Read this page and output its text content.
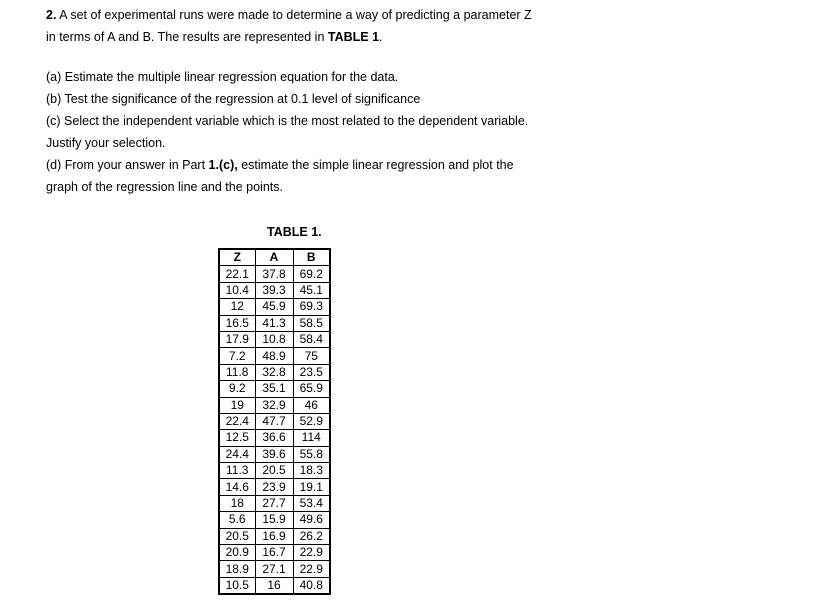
2. A set of experimental runs were made to determine a way of predicting a parameter Z
in terms of A and B. The results are represented in TABLE 1.
(a) Estimate the multiple linear regression equation for the data.
(b) Test the significance of the regression at 0.1 level of significance
(c) Select the independent variable which is the most related to the dependent variable.
Justify your selection.
(d) From your answer in Part 1.(c), estimate the simple linear regression and plot the
graph of the regression line and the points.
TABLE 1.
Z	A	B
22.1	37.8	69.2
10.4	39.3	45.1
12	45.9	69.3
16.5	41.3	58.5
17.9	10.8	58.4
7.2	48.9	75
11.8	32.8	23.5
9.2	35.1	65.9
19	32.9	46
22.4	47.7	52.9
12.5	36.6	114
24.4	39.6	55.8
11.3	20.5	18.3
14.6	23.9	19.1
18	27.7	53.4
5.6	15.9	49.6
20.5	16.9	26.2
20.9	16.7	22.9
18.9	27.1	22.9
10.5	16	40.8
